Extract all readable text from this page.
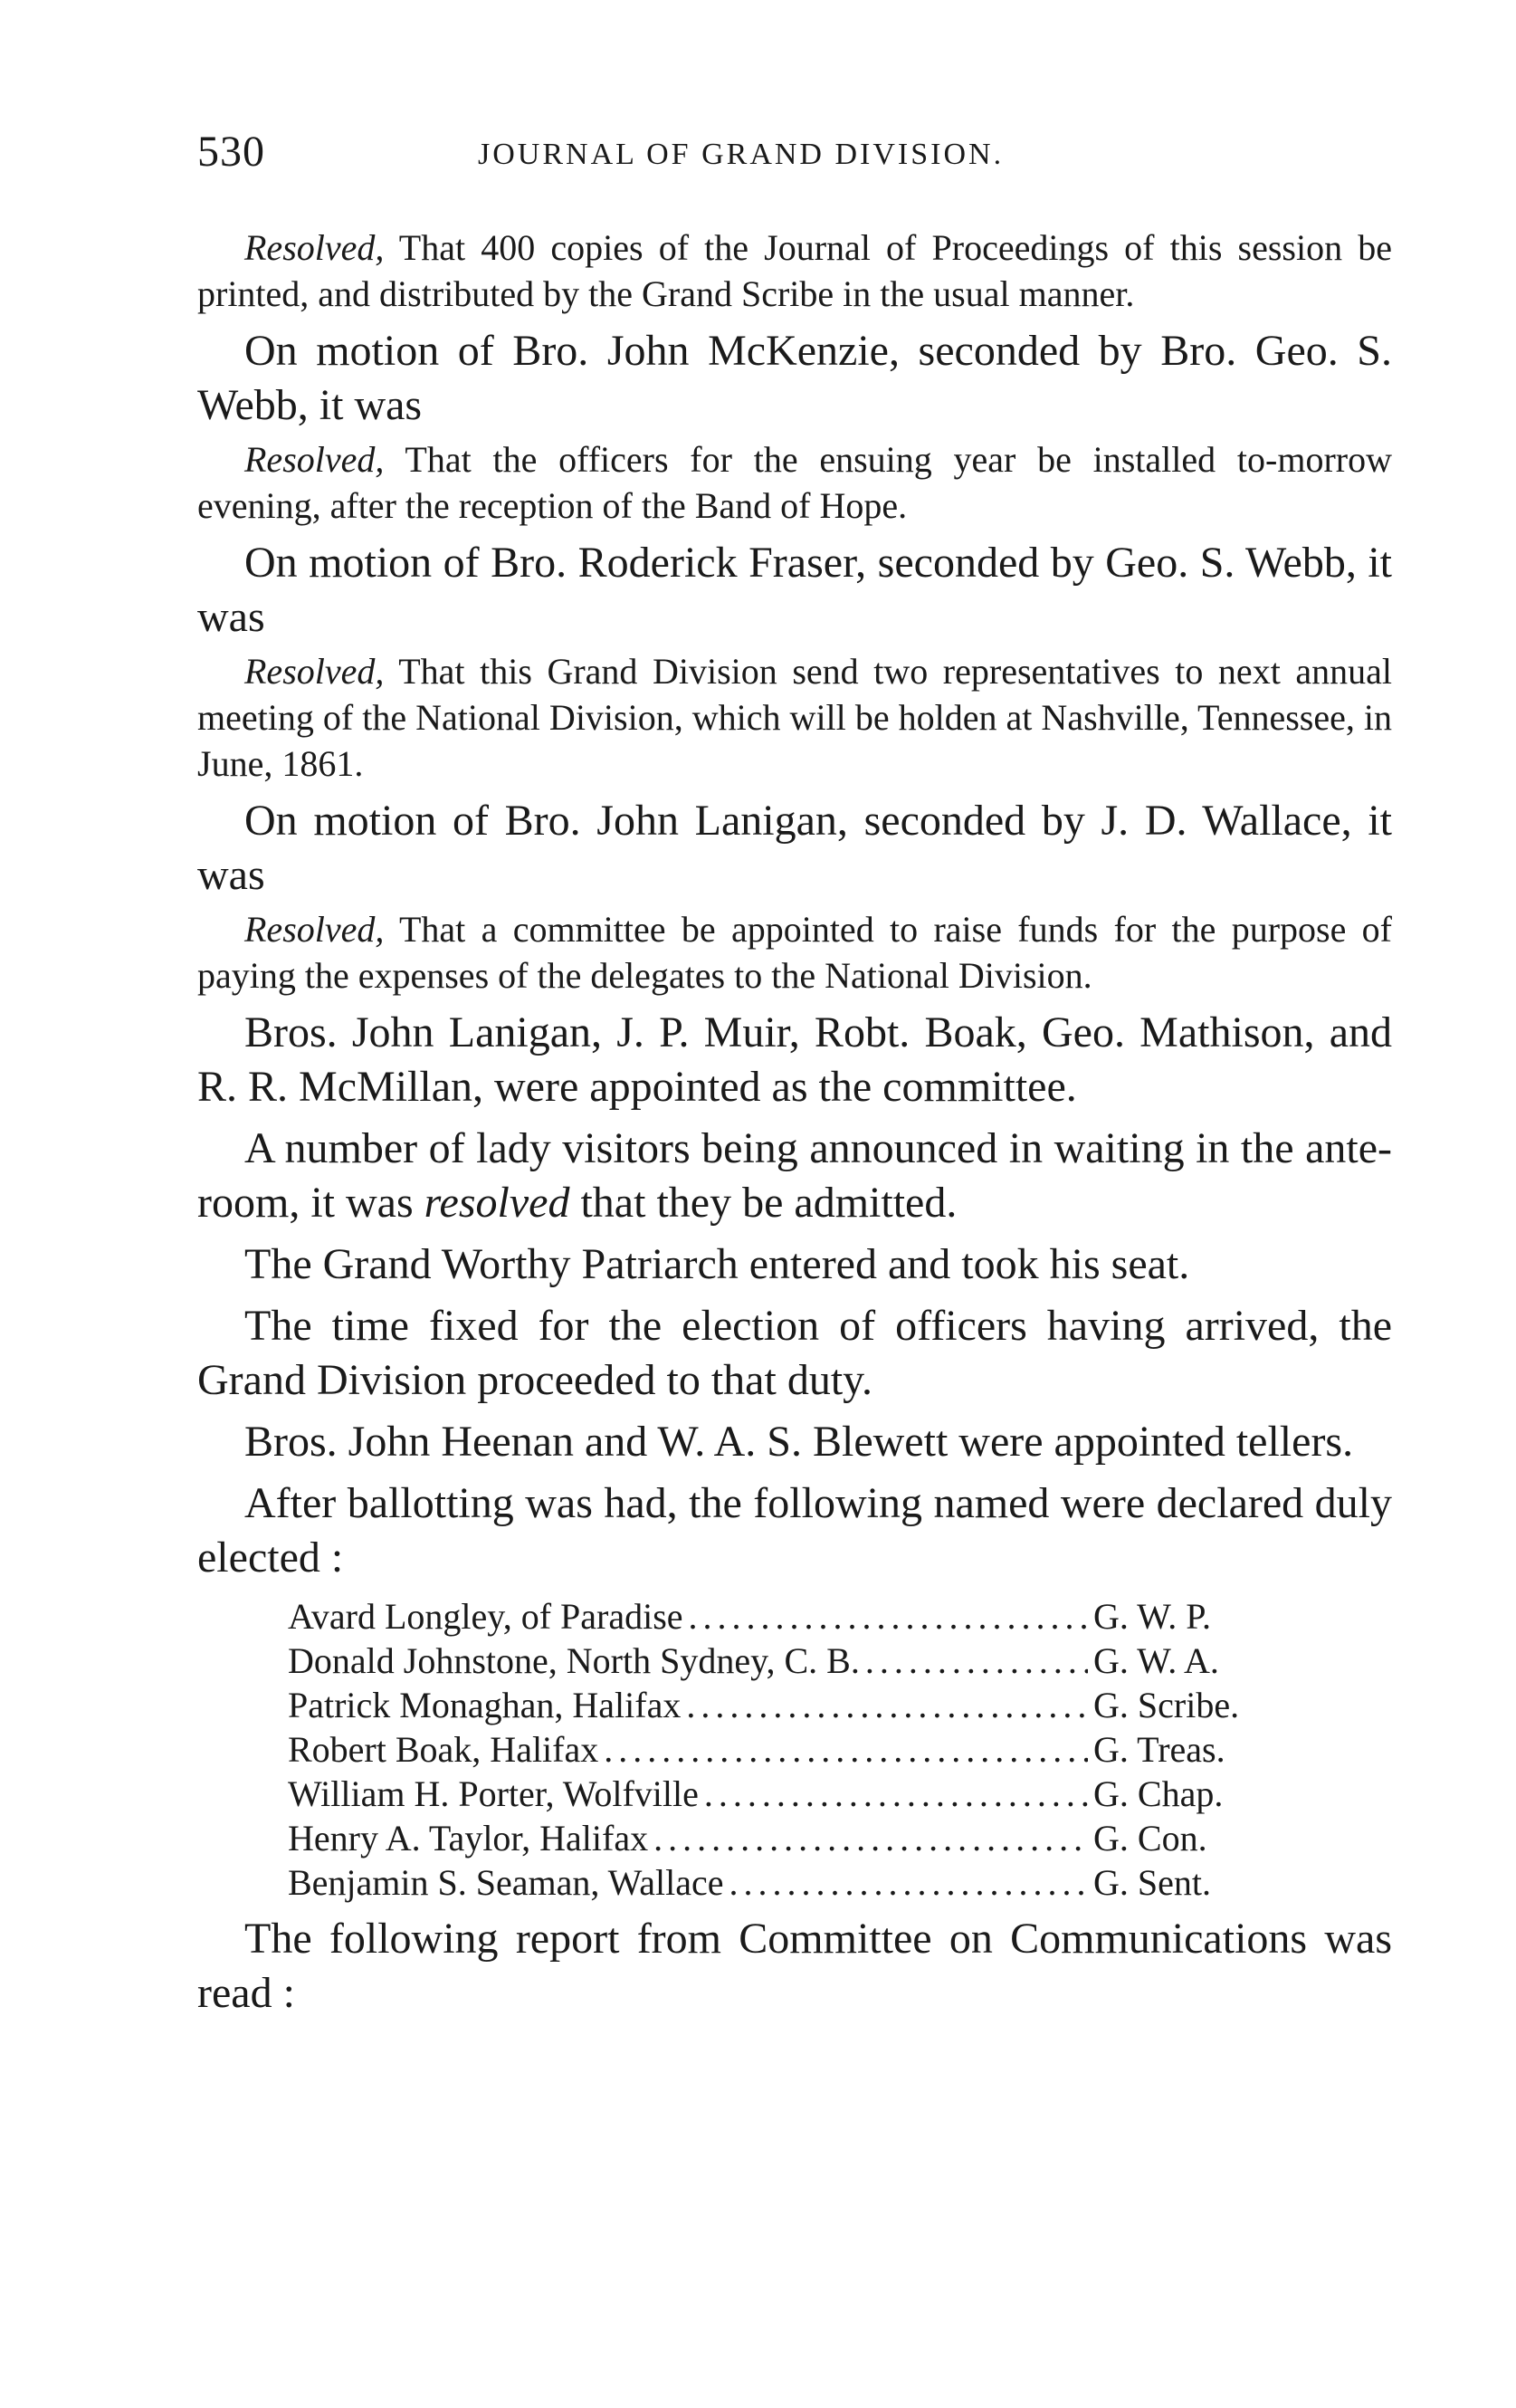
530	JOURNAL OF GRAND DIVISION.

Resolved, That 400 copies of the Journal of Proceedings of this session be printed, and distributed by the Grand Scribe in the usual manner.

On motion of Bro. John McKenzie, seconded by Bro. Geo. S. Webb, it was

Resolved, That the officers for the ensuing year be installed to-morrow evening, after the reception of the Band of Hope.

On motion of Bro. Roderick Fraser, seconded by Geo. S. Webb, it was

Resolved, That this Grand Division send two representatives to next annual meeting of the National Division, which will be holden at Nashville, Tennessee, in June, 1861.

On motion of Bro. John Lanigan, seconded by J. D. Wallace, it was

Resolved, That a committee be appointed to raise funds for the purpose of paying the expenses of the delegates to the National Division.

Bros. John Lanigan, J. P. Muir, Robt. Boak, Geo. Mathison, and R. R. McMillan, were appointed as the committee.

A number of lady visitors being announced in waiting in the ante-room, it was resolved that they be admitted.

The Grand Worthy Patriarch entered and took his seat.

The time fixed for the election of officers having arrived, the Grand Division proceeded to that duty.

Bros. John Heenan and W. A. S. Blewett were appointed tellers.

After ballotting was had, the following named were declared duly elected :

Avard Longley, of Paradise .....	G. W. P.
Donald Johnstone, North Sydney, C. B. .....	G. W. A.
Patrick Monaghan, Halifax .....	G. Scribe.
Robert Boak, Halifax .....	G. Treas.
William H. Porter, Wolfville .....	G. Chap.
Henry A. Taylor, Halifax .....	G. Con.
Benjamin S. Seaman, Wallace .....	G. Sent.

The following report from Committee on Communications was read :
